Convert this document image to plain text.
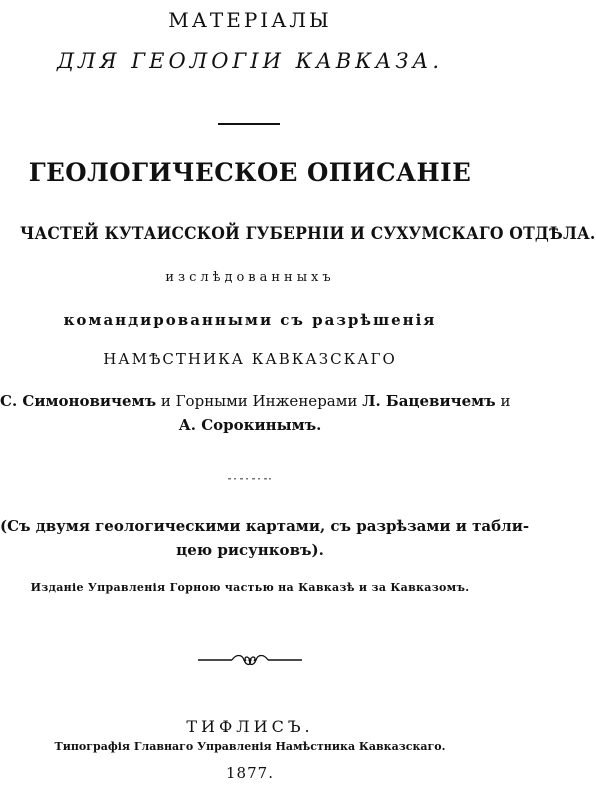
МАТЕРІАЛЫ
ДЛЯ ГЕОЛОГІИ КАВКАЗА.
ГЕОЛОГИЧЕСКОЕ ОПИСАНІЕ
ЧАСТЕЙ КУТАИССКОЙ ГУБЕРНІИ И СУХУМСКАГО ОТДѢЛА.
изслѣдованныхъ
командированными съ разрѣшенія
НАМѢСТНИКА КАВКАЗСКАГО
С. Симоновичемъ и Горными Инженерами Л. Бацевичемъ и
А. Сорокинымъ.
(Съ двумя геологическими картами, съ разрѣзами и табли-
цею рисунковъ).
Изданіе Управленія Горною частью на Кавказѣ и за Кавказомъ.
ТИФЛИСЪ.
Типографія Главнаго Управленія Намѣстника Кавказскаго.
1877.
